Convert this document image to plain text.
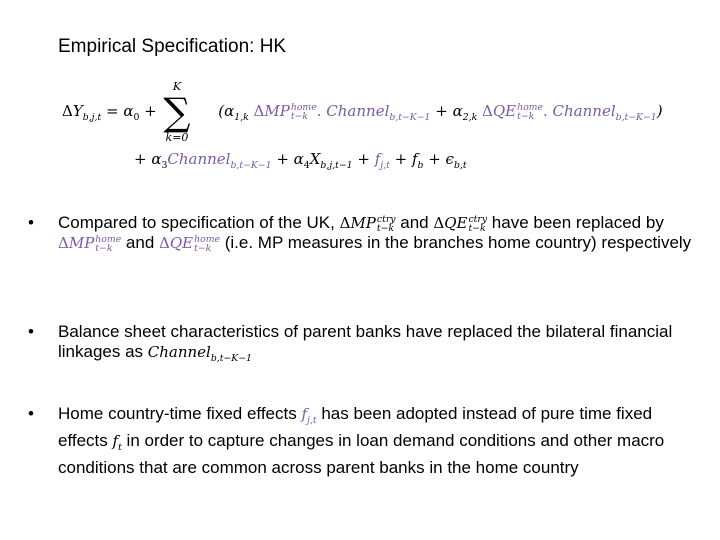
Empirical Specification: HK
$\Delta Y_{b,j,t} = \alpha_0$ +	($\alpha_{1,k}$ ΔMP home
t−k . Channel$_{b,t-K-1}$ + $\alpha_{2,k}$ ΔQE home
t−k . Channel$_{b,t-K-1}$)
K
∑
k=0
+ $\alpha_3Channel_{b,t-K-1} + \alpha_4X_{b,j,t-1} + f_{j,t} + f_b + \epsilon_{b,t}$
• Compared to specification of the UK, ΔMP ctry
t−k and ΔQE ctry
t−k have been replaced by ΔMP home
t−k and ΔQE home
t−k (i.e. MP measures in the branches home country) respectively
• Balance sheet characteristics of parent banks have replaced the bilateral financial linkages as Channel$_{b,t-K-1}$
• Home country-time fixed effects $f_{j,t}$ has been adopted instead of pure time fixed effects $f_t$ in order to capture changes in loan demand conditions and other macro conditions that are common across parent banks in the home country
